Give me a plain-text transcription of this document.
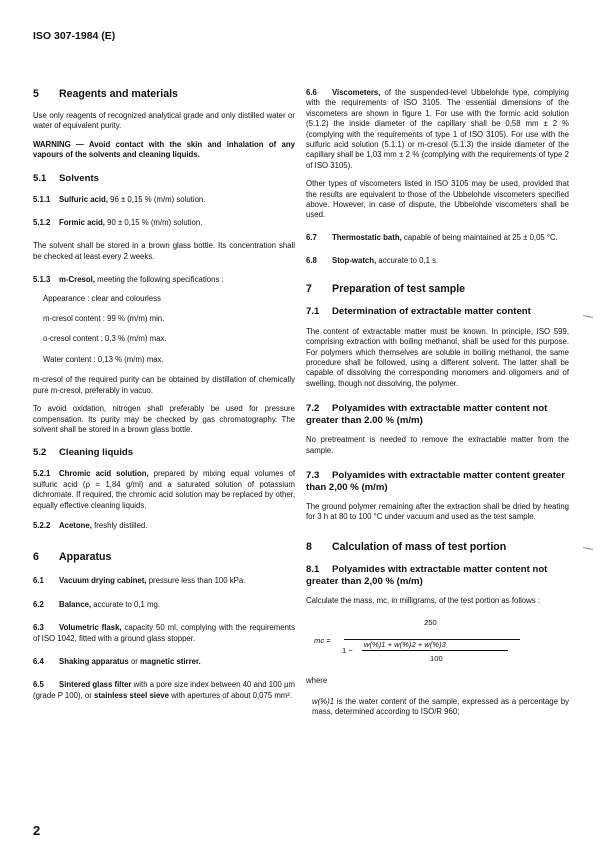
ISO 307-1984 (E)
5 Reagents and materials

Use only reagents of recognized analytical grade and only distilled water or water of equivalent purity.

WARNING — Avoid contact with the skin and inhalation of any vapours of the solvents and cleaning liquids.

5.1 Solvents

5.1.1 Sulfuric acid, 96 ± 0,15 % (m/m) solution.

5.1.2 Formic acid, 90 ± 0,15 % (m/m) solution.

The solvent shall be stored in a brown glass bottle. Its concentration shall be checked at least every 2 weeks.

5.1.3 m-Cresol, meeting the following specifications :

Appearance : clear and colourless

m-cresol content : 99 % (m/m) min.

o-cresol content : 0,3 % (m/m) max.

Water content : 0,13 % (m/m) max.

m-cresol of the required purity can be obtained by distillation of chemically pure m-cresol, preferably in vacuo.

To avoid oxidation, nitrogen shall preferably be used for pressure compensation. Its purity may be checked by gas chromatography. The solvent shall be stored in a brown glass bottle.

5.2 Cleaning liquids

5.2.1 Chromic acid solution, prepared by mixing equal volumes of sulfuric acid (ρ = 1,84 g/ml) and a saturated solution of potassium dichromate. If required, the chromic acid solution may be replaced by other, equally effective cleaning liquids.

5.2.2 Acetone, freshly distilled.

6 Apparatus

6.1 Vacuum drying cabinet, pressure less than 100 kPa.

6.2 Balance, accurate to 0,1 mg.

6.3 Volumetric flask, capacity 50 ml, complying with the requirements of ISO 1042, fitted with a ground glass stopper.

6.4 Shaking apparatus or magnetic stirrer.

6.5 Sintered glass filter with a pore size index between 40 and 100 µm (grade P 100), or stainless steel sieve with apertures of about 0,075 mm².

6.6 Viscometers, of the suspended-level Ubbelohde type, complying with the requirements of ISO 3105. The essential dimensions of the viscometers are shown in figure 1. For use with the formic acid solution (5.1.2) the inside diameter of the capillary shall be 0,58 mm ± 2 % (complying with the requirements of type 1 of ISO 3105). For use with the sulfuric acid solution (5.1.1) or m-cresol (5.1.3) the inside diameter of the capillary shall be 1,03 mm ± 2 % (complying with the requirements of type 2 of ISO 3105).

Other types of viscometers listed in ISO 3105 may be used, provided that the results are equivalent to those of the Ubbelohde viscometers specified above. However, in case of dispute, the Ubbelohde viscometers shall be used.

6.7 Thermostatic bath, capable of being maintained at 25 ± 0,05 °C.

6.8 Stop-watch, accurate to 0,1 s.

7 Preparation of test sample
7.1 Determination of extractable matter content

The content of extractable matter must be known. In principle, ISO 599, comprising extraction with boiling methanol, shall be used for this purpose. For polymers which themselves are soluble in boiling methanol, the same procedure shall be followed, using a different solvent. The latter shall be capable of dissolving the corresponding monomers and oligomers and of swelling, though not dissolving, the polymer.

7.2 Polyamides with extractable matter content not greater than 2.00 % (m/m)

No pretreatment is needed to remove the extractable matter from the sample.

7.3 Polyamides with extractable matter content greater than 2,00 % (m/m)

The ground polymer remaining after the extraction shall be dried by heating for 3 h at 80 to 100 °C under vacuum and used as the test sample.

8 Calculation of mass of test portion
8.1 Polyamides with extractable matter content not greater than 2,00 % (m/m)

Calculate the mass, mc, in milligrams, of the test portion as follows :

mc =
250
1 −
w(%)1 + w(%)2 + w(%)3
100

where

w(%)1 is the water content of the sample, expressed as a percentage by mass, determined according to ISO/R 960;

2
